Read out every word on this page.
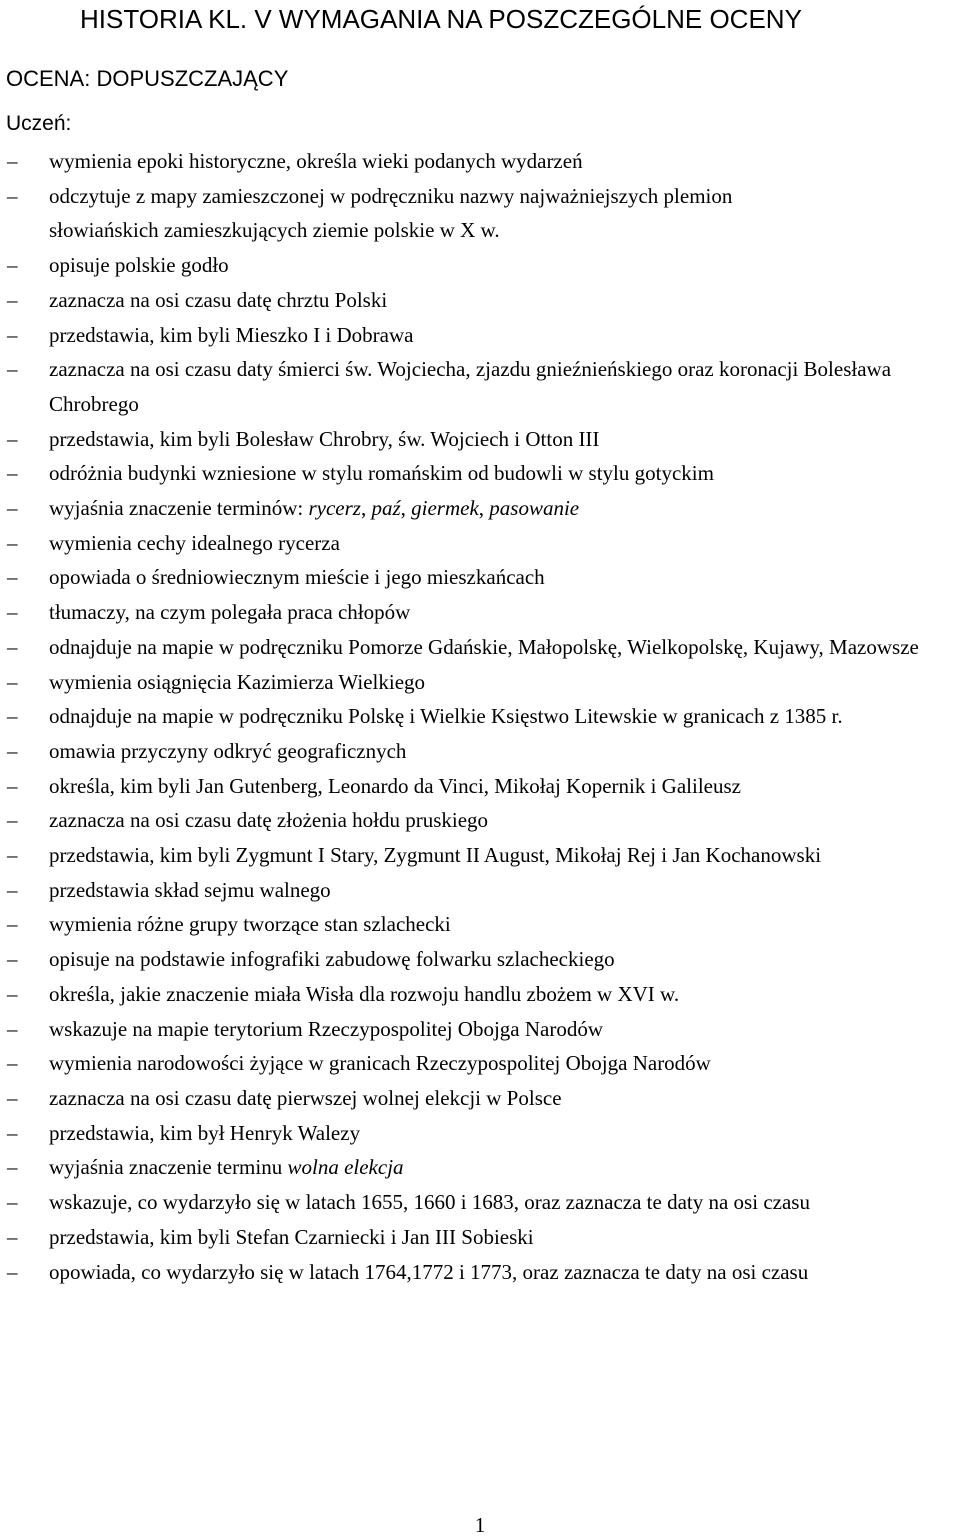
HISTORIA KL. V WYMAGANIA NA POSZCZEGÓLNE OCENY
OCENA: DOPUSZCZAJĄCY
Uczeń:
–	wymienia epoki historyczne, określa wieki podanych wydarzeń
–	odczytuje z mapy zamieszczonej w podręczniku nazwy najważniejszych plemion
słowiańskich zamieszkujących ziemie polskie w X w.
–	opisuje polskie godło
–	zaznacza na osi czasu datę chrztu Polski
–	przedstawia, kim byli Mieszko I i Dobrawa
–	zaznacza na osi czasu daty śmierci św. Wojciecha, zjazdu gnieźnieńskiego oraz koronacji Bolesława Chrobrego
–	przedstawia, kim byli Bolesław Chrobry, św. Wojciech i Otton III
–	odróżnia budynki wzniesione w stylu romańskim od budowli w stylu gotyckim
–	wyjaśnia znaczenie terminów: rycerz, paź, giermek, pasowanie
–	wymienia cechy idealnego rycerza
–	opowiada o średniowiecznym mieście i jego mieszkańcach
–	tłumaczy, na czym polegała praca chłopów
–	odnajduje na mapie w podręczniku Pomorze Gdańskie, Małopolskę, Wielkopolskę, Kujawy, Mazowsze
–	wymienia osiągnięcia Kazimierza Wielkiego
–	odnajduje na mapie w podręczniku Polskę i Wielkie Księstwo Litewskie w granicach z 1385 r.
–	omawia przyczyny odkryć geograficznych
–	określa, kim byli Jan Gutenberg, Leonardo da Vinci, Mikołaj Kopernik i Galileusz
–	zaznacza na osi czasu datę złożenia hołdu pruskiego
–	przedstawia, kim byli Zygmunt I Stary, Zygmunt II August, Mikołaj Rej i Jan Kochanowski
–	przedstawia skład sejmu walnego
–	wymienia różne grupy tworzące stan szlachecki
–	opisuje na podstawie infografiki zabudowę folwarku szlacheckiego
–	określa, jakie znaczenie miała Wisła dla rozwoju handlu zbożem w XVI w.
–	wskazuje na mapie terytorium Rzeczypospolitej Obojga Narodów
–	wymienia narodowości żyjące w granicach Rzeczypospolitej Obojga Narodów
–	zaznacza na osi czasu datę pierwszej wolnej elekcji w Polsce
–	przedstawia, kim był Henryk Walezy
–	wyjaśnia znaczenie terminu wolna elekcja
–	wskazuje, co wydarzyło się w latach 1655, 1660 i 1683, oraz zaznacza te daty na osi czasu
–	przedstawia, kim byli Stefan Czarniecki i Jan III Sobieski
–	opowiada, co wydarzyło się w latach 1764,1772 i 1773, oraz zaznacza te daty na osi czasu
1
